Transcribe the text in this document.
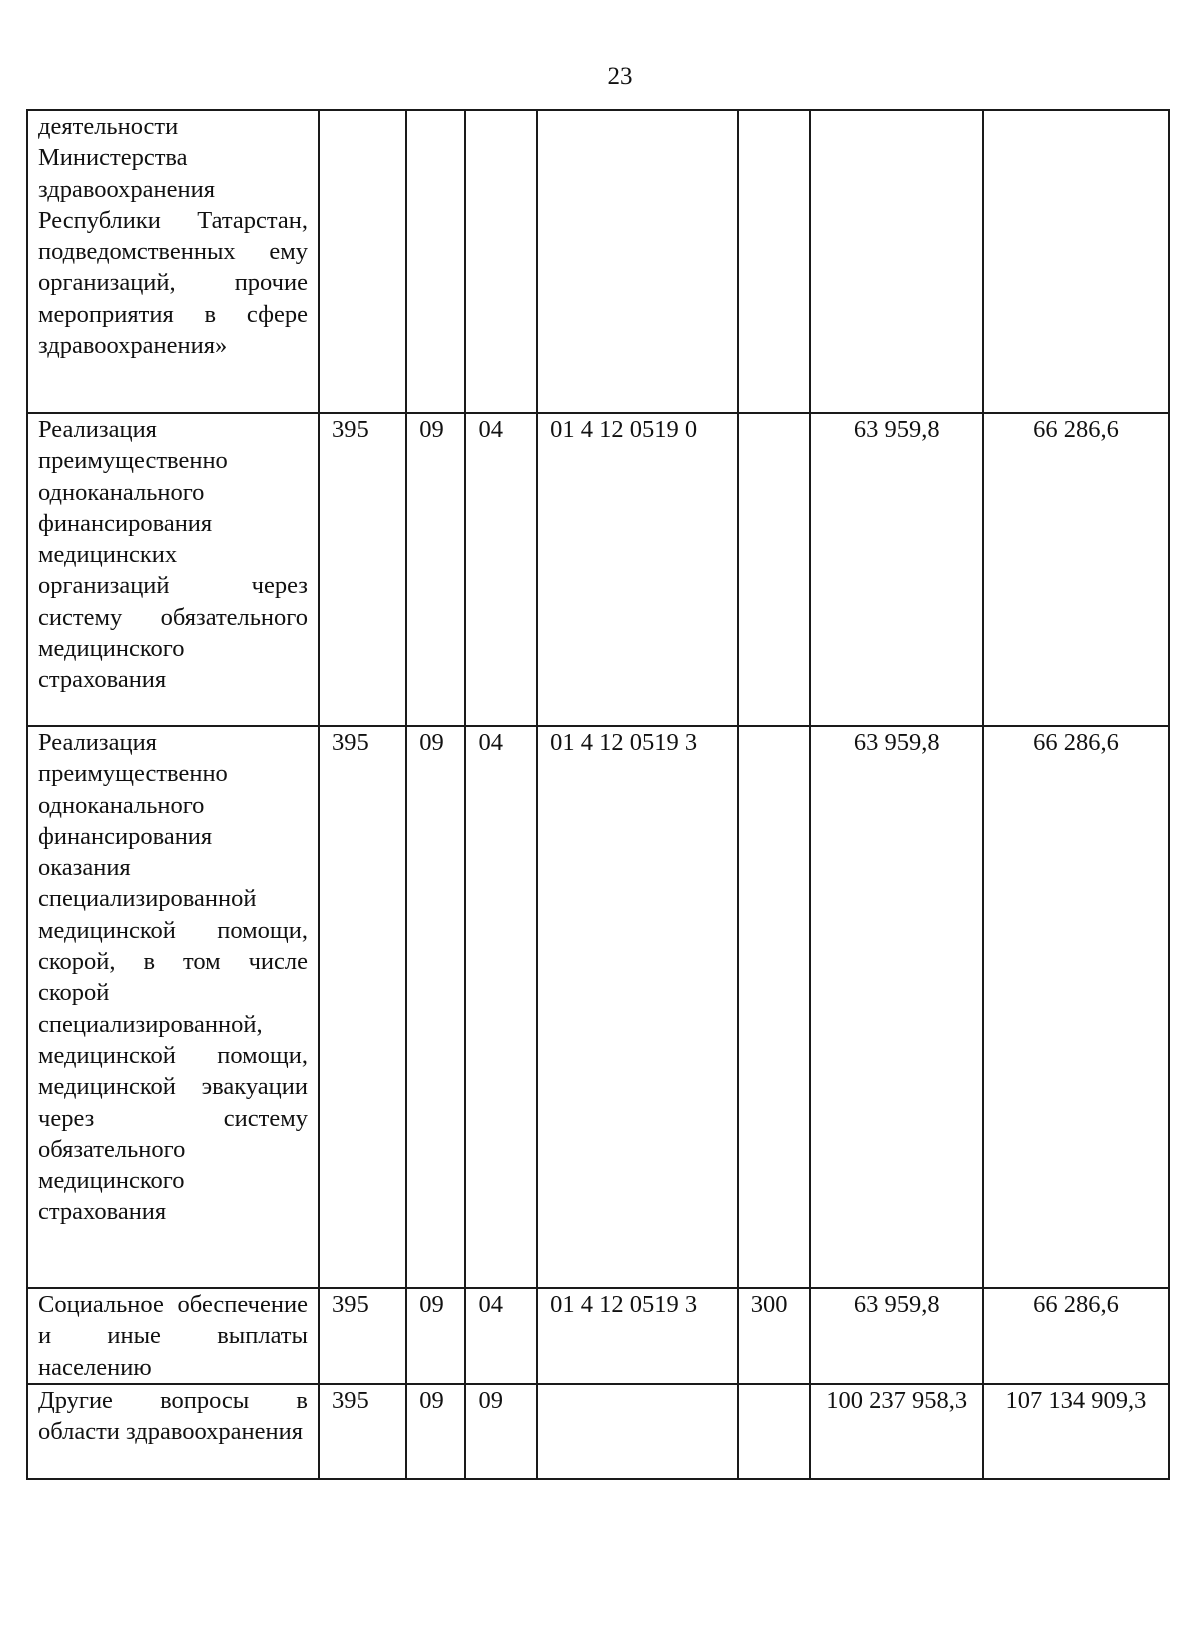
23
деятельности Министерства здравоохранения Республики Татарстан, подведомственных ему организаций, прочие мероприятия в сфере здравоохранения»							
Реализация преимущественно одноканального финансирования медицинских организаций через систему обязательного медицинского страхования	395	09	04	01 4 12 0519 0		63 959,8	66 286,6
Реализация преимущественно одноканального финансирования оказания специализированной медицинской помощи, скорой, в том числе скорой специализированной, медицинской помощи, медицинской эвакуации через систему обязательного медицинского страхования	395	09	04	01 4 12 0519 3		63 959,8	66 286,6
Социальное обеспечение и иные выплаты населению	395	09	04	01 4 12 0519 3	300	63 959,8	66 286,6
Другие вопросы в области здравоохранения	395	09	09			100 237 958,3	107 134 909,3
